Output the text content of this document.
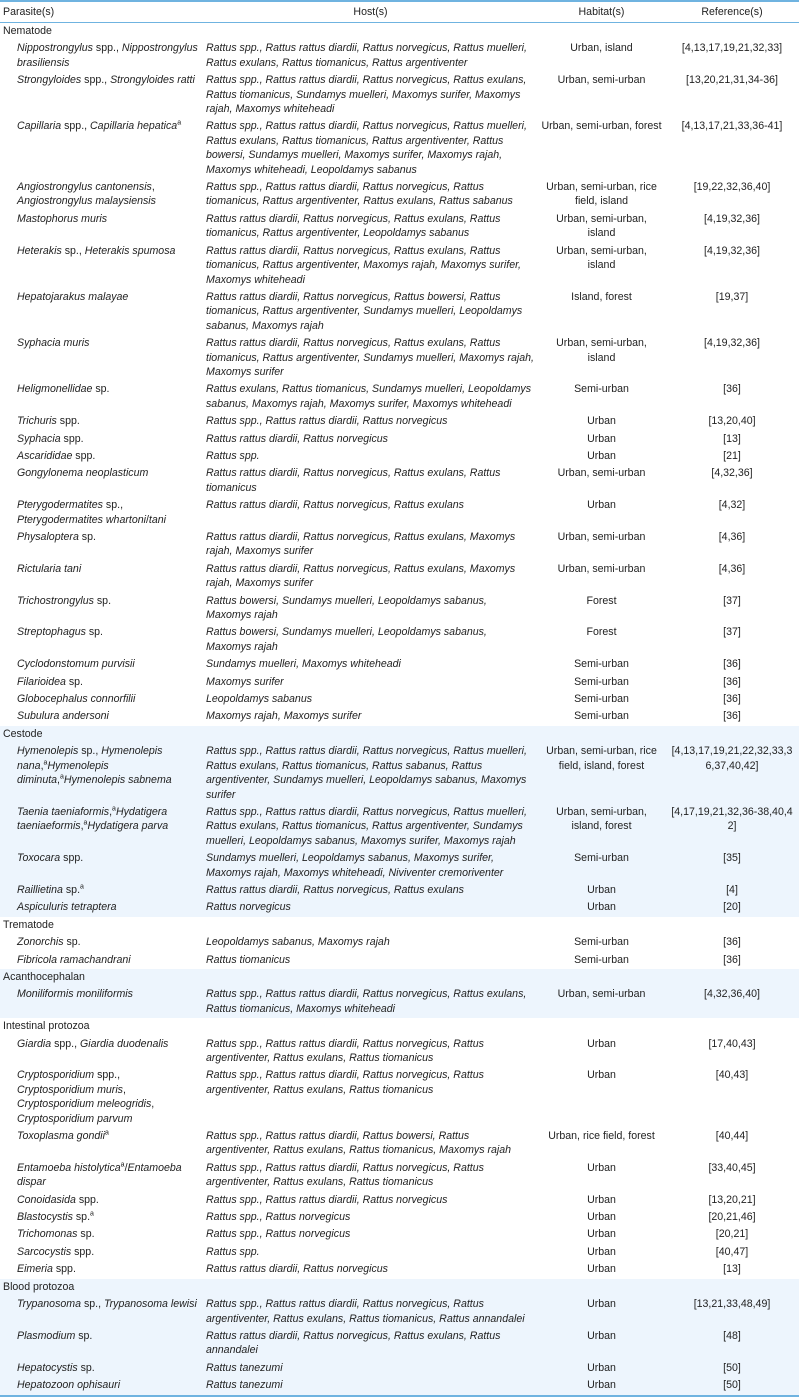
Parasite(s)	Host(s)	Habitat(s)	Reference(s)
Nematode			
Nippostrongylus spp., Nippostrongylus brasiliensis	Rattus spp., Rattus rattus diardii, Rattus norvegicus, Rattus muelleri, Rattus exulans, Rattus tiomanicus, Rattus argentiventer	Urban, island	[4,13,17,19,21,32,33]
Strongyloides spp., Strongyloides ratti	Rattus spp., Rattus rattus diardii, Rattus norvegicus, Rattus exulans, Rattus tiomanicus, Sundamys muelleri, Maxomys surifer, Maxomys rajah, Maxomys whiteheadi	Urban, semi-urban	[13,20,21,31,34-36]
Capillaria spp., Capillaria hepatica$^a$	Rattus spp., Rattus rattus diardii, Rattus norvegicus, Rattus muelleri, Rattus exulans, Rattus tiomanicus, Rattus argentiventer, Rattus bowersi, Sundamys muelleri, Maxomys surifer, Maxomys rajah, Maxomys whiteheadi, Leopoldamys sabanus	Urban, semi-urban, forest	[4,13,17,21,33,36-41]
Angiostrongylus cantonensis, Angiostrongylus malaysiensis	Rattus spp., Rattus rattus diardii, Rattus norvegicus, Rattus tiomanicus, Rattus argentiventer, Rattus exulans, Rattus sabanus	Urban, semi-urban, rice field, island	[19,22,32,36,40]
Mastophorus muris	Rattus rattus diardii, Rattus norvegicus, Rattus exulans, Rattus tiomanicus, Rattus argentiventer, Leopoldamys sabanus	Urban, semi-urban, island	[4,19,32,36]
Heterakis sp., Heterakis spumosa	Rattus rattus diardii, Rattus norvegicus, Rattus exulans, Rattus tiomanicus, Rattus argentiventer, Maxomys rajah, Maxomys surifer, Maxomys whiteheadi	Urban, semi-urban, island	[4,19,32,36]
Hepatojarakus malayae	Rattus rattus diardii, Rattus norvegicus, Rattus bowersi, Rattus tiomanicus, Rattus argentiventer, Sundamys muelleri, Leopoldamys sabanus, Maxomys rajah	Island, forest	[19,37]
Syphacia muris	Rattus rattus diardii, Rattus norvegicus, Rattus exulans, Rattus tiomanicus, Rattus argentiventer, Sundamys muelleri, Maxomys rajah, Maxomys surifer	Urban, semi-urban, island	[4,19,32,36]
Heligmonellidae sp.	Rattus exulans, Rattus tiomanicus, Sundamys muelleri, Leopoldamys sabanus, Maxomys rajah, Maxomys surifer, Maxomys whiteheadi	Semi-urban	[36]
Trichuris spp.	Rattus spp., Rattus rattus diardii, Rattus norvegicus	Urban	[13,20,40]
Syphacia spp.	Rattus rattus diardii, Rattus norvegicus	Urban	[13]
Ascarididae spp.	Rattus spp.	Urban	[21]
Gongylonema neoplasticum	Rattus rattus diardii, Rattus norvegicus, Rattus exulans, Rattus tiomanicus	Urban, semi-urban	[4,32,36]
Pterygodermatites sp., Pterygodermatites whartoni/tani	Rattus rattus diardii, Rattus norvegicus, Rattus exulans	Urban	[4,32]
Physaloptera sp.	Rattus rattus diardii, Rattus norvegicus, Rattus exulans, Maxomys rajah, Maxomys surifer	Urban, semi-urban	[4,36]
Rictularia tani	Rattus rattus diardii, Rattus norvegicus, Rattus exulans, Maxomys rajah, Maxomys surifer	Urban, semi-urban	[4,36]
Trichostrongylus sp.	Rattus bowersi, Sundamys muelleri, Leopoldamys sabanus, Maxomys rajah	Forest	[37]
Streptophagus sp.	Rattus bowersi, Sundamys muelleri, Leopoldamys sabanus, Maxomys rajah	Forest	[37]
Cyclodonstomum purvisii	Sundamys muelleri, Maxomys whiteheadi	Semi-urban	[36]
Filarioidea sp.	Maxomys surifer	Semi-urban	[36]
Globocephalus connorfilii	Leopoldamys sabanus	Semi-urban	[36]
Subulura andersoni	Maxomys rajah, Maxomys surifer	Semi-urban	[36]
Cestode			
Hymenolepis sp., Hymenolepis nana,$^a$Hymenolepis diminuta,$^a$Hymenolepis sabnema	Rattus spp., Rattus rattus diardii, Rattus norvegicus, Rattus muelleri, Rattus exulans, Rattus tiomanicus, Rattus sabanus, Rattus argentiventer, Sundamys muelleri, Leopoldamys sabanus, Maxomys surifer	Urban, semi-urban, rice field, island, forest	[4,13,17,19,21,22,32,33,36,37,40,42]
Taenia taeniaformis,$^a$Hydatigera taeniaeformis,$^a$Hydatigera parva	Rattus spp., Rattus rattus diardii, Rattus norvegicus, Rattus muelleri, Rattus exulans, Rattus tiomanicus, Rattus argentiventer, Sundamys muelleri, Leopoldamys sabanus, Maxomys surifer, Maxomys rajah	Urban, semi-urban, island, forest	[4,17,19,21,32,36-38,40,42]
Toxocara spp.	Sundamys muelleri, Leopoldamys sabanus, Maxomys surifer, Maxomys rajah, Maxomys whiteheadi, Niviventer cremoriventer	Semi-urban	[35]
Raillietina sp.$^a$	Rattus rattus diardii, Rattus norvegicus, Rattus exulans	Urban	[4]
Aspiculuris tetraptera	Rattus norvegicus	Urban	[20]
Trematode			
Zonorchis sp.	Leopoldamys sabanus, Maxomys rajah	Semi-urban	[36]
Fibricola ramachandrani	Rattus tiomanicus	Semi-urban	[36]
Acanthocephalan			
Moniliformis moniliformis	Rattus spp., Rattus rattus diardii, Rattus norvegicus, Rattus exulans, Rattus tiomanicus, Maxomys whiteheadi	Urban, semi-urban	[4,32,36,40]
Intestinal protozoa			
Giardia spp., Giardia duodenalis	Rattus spp., Rattus rattus diardii, Rattus norvegicus, Rattus argentiventer, Rattus exulans, Rattus tiomanicus	Urban	[17,40,43]
Cryptosporidium spp., Cryptosporidium muris, Cryptosporidium meleogridis, Cryptosporidium parvum	Rattus spp., Rattus rattus diardii, Rattus norvegicus, Rattus argentiventer, Rattus exulans, Rattus tiomanicus	Urban	[40,43]
Toxoplasma gondii$^a$	Rattus spp., Rattus rattus diardii, Rattus bowersi, Rattus argentiventer, Rattus exulans, Rattus tiomanicus, Maxomys rajah	Urban, rice field, forest	[40,44]
Entamoeba histolytica$^a$/Entamoeba dispar	Rattus spp., Rattus rattus diardii, Rattus norvegicus, Rattus argentiventer, Rattus exulans, Rattus tiomanicus	Urban	[33,40,45]
Conoidasida spp.	Rattus spp., Rattus rattus diardii, Rattus norvegicus	Urban	[13,20,21]
Blastocystis sp.$^a$	Rattus spp., Rattus norvegicus	Urban	[20,21,46]
Trichomonas sp.	Rattus spp., Rattus norvegicus	Urban	[20,21]
Sarcocystis spp.	Rattus spp.	Urban	[40,47]
Eimeria spp.	Rattus rattus diardii, Rattus norvegicus	Urban	[13]
Blood protozoa			
Trypanosoma sp., Trypanosoma lewisi	Rattus spp., Rattus rattus diardii, Rattus norvegicus, Rattus argentiventer, Rattus exulans, Rattus tiomanicus, Rattus annandalei	Urban	[13,21,33,48,49]
Plasmodium sp.	Rattus rattus diardii, Rattus norvegicus, Rattus exulans, Rattus annandalei	Urban	[48]
Hepatocystis sp.	Rattus tanezumi	Urban	[50]
Hepatozoon ophisauri	Rattus tanezumi	Urban	[50]
